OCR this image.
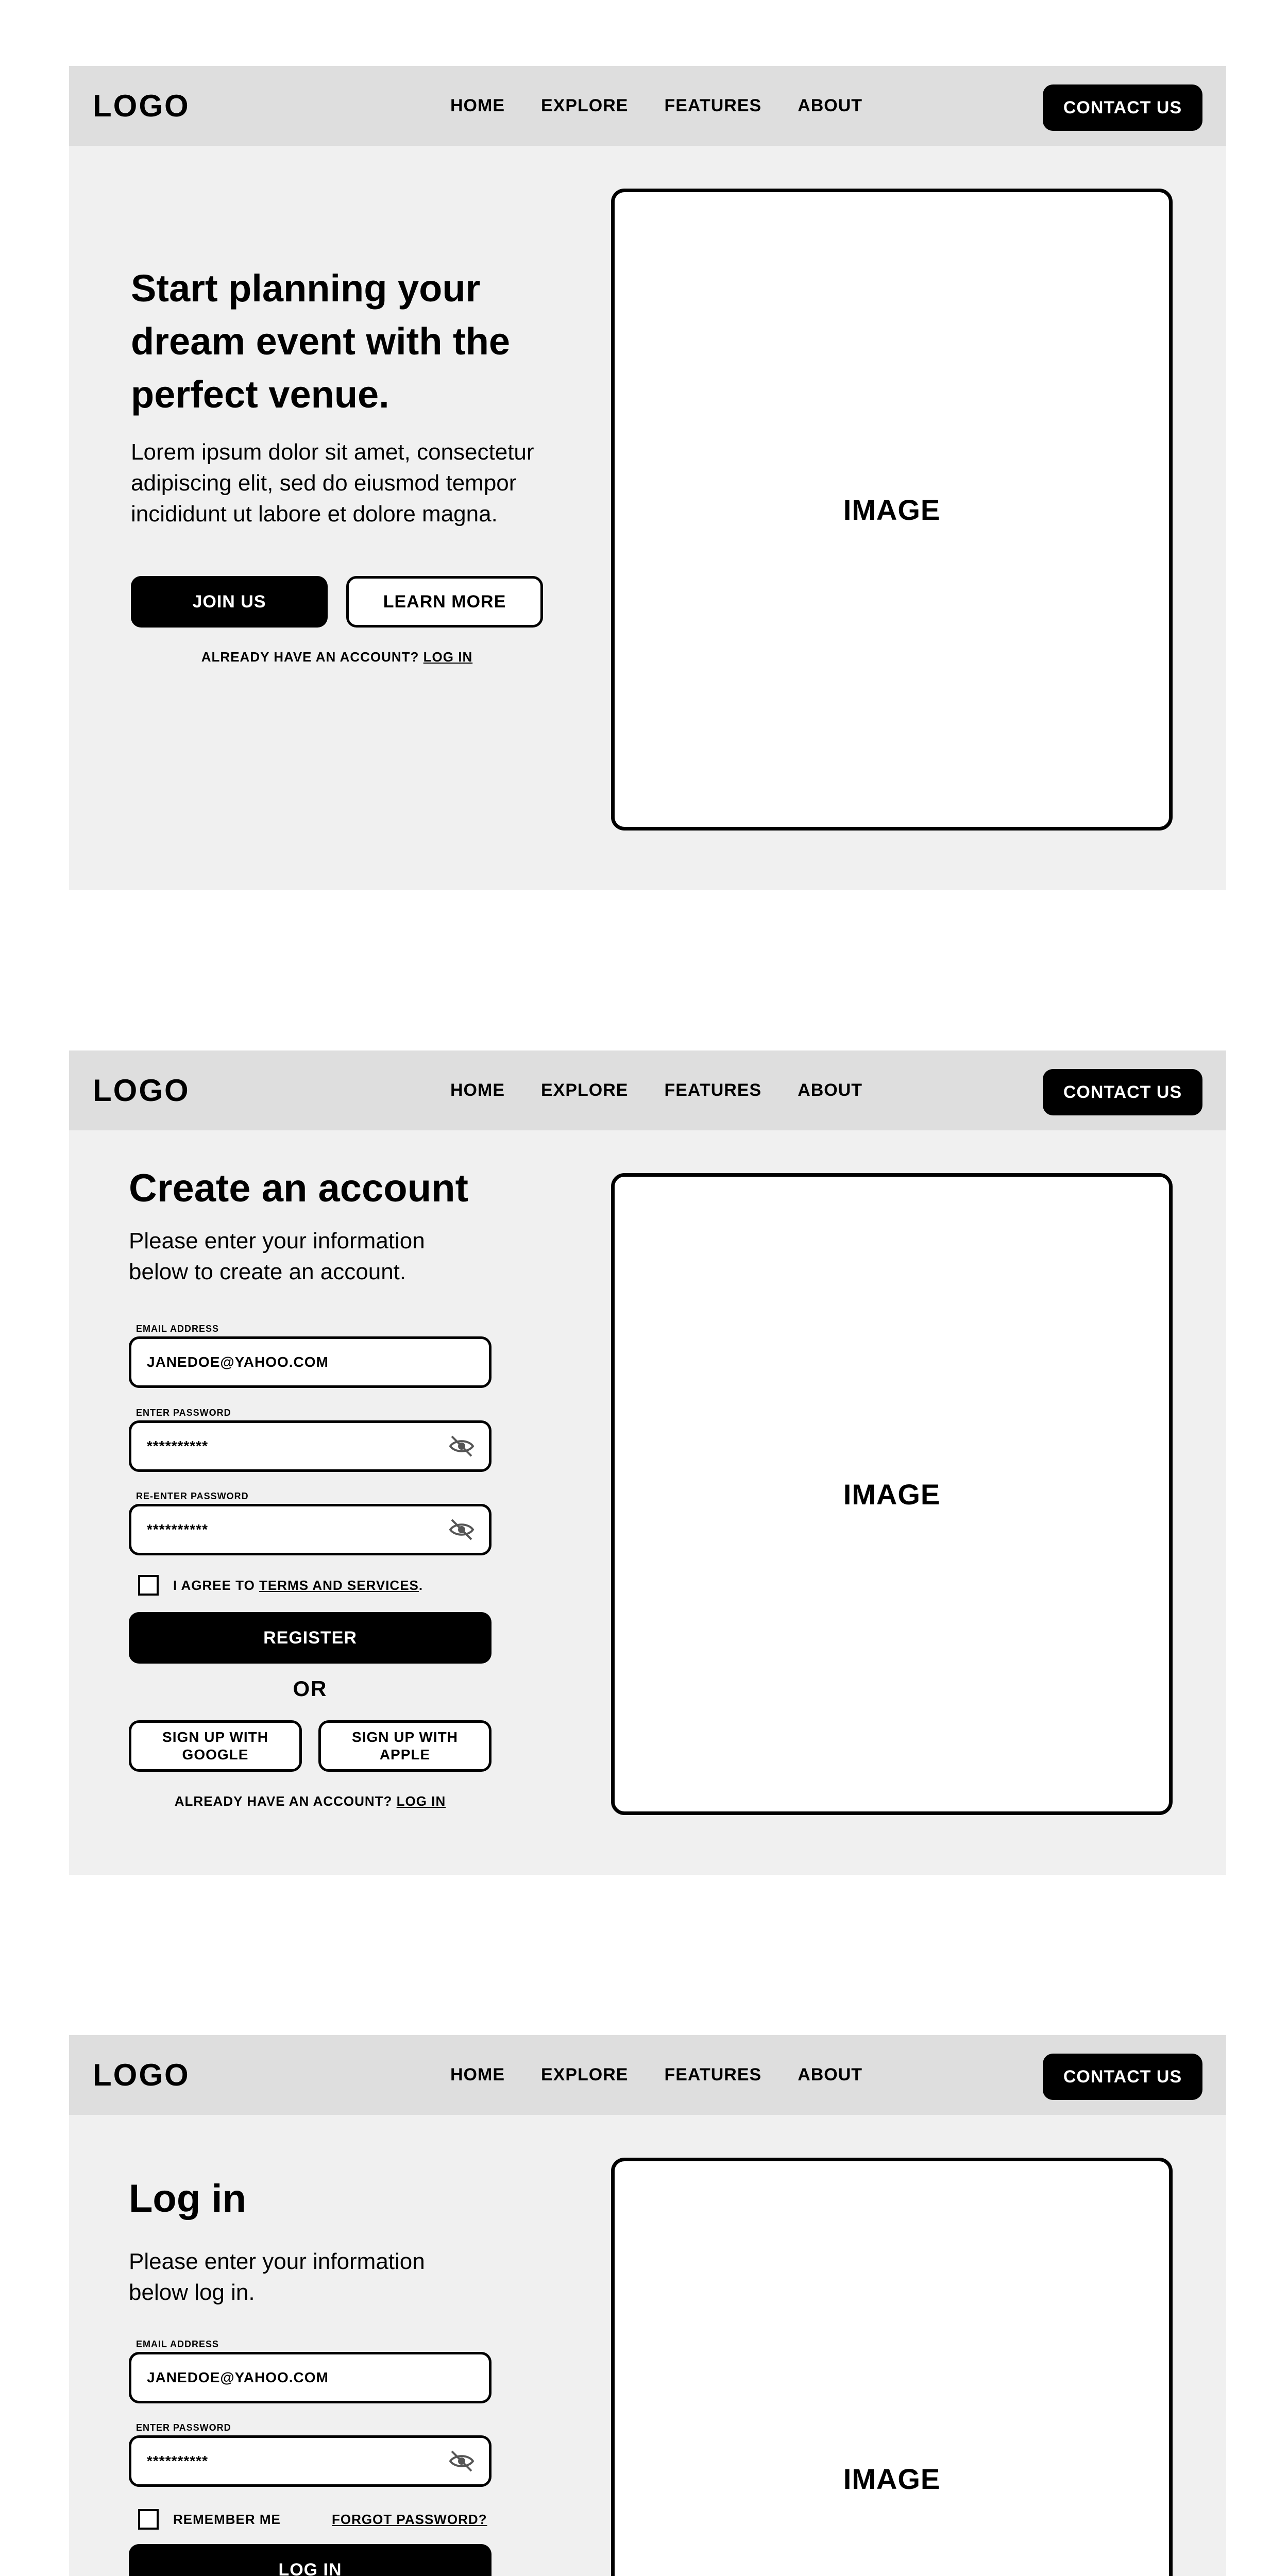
LOGO	HOME EXPLORE FEATURES ABOUT	CONTACT US
Start planning your dream event with the perfect venue.
Lorem ipsum dolor sit amet, consectetur adipiscing elit, sed do eiusmod tempor incididunt ut labore et dolore magna.
JOIN US	LEARN MORE
ALREADY HAVE AN ACCOUNT? LOG IN
IMAGE
LOGO	HOME EXPLORE FEATURES ABOUT	CONTACT US
Create an account
Please enter your information below to create an account.
EMAIL ADDRESS
JANEDOE@YAHOO.COM
ENTER PASSWORD
**********
RE-ENTER PASSWORD
**********
I AGREE TO TERMS AND SERVICES.
REGISTER
OR
SIGN UP WITH GOOGLE
SIGN UP WITH APPLE
ALREADY HAVE AN ACCOUNT? LOG IN
IMAGE
LOGO	HOME EXPLORE FEATURES ABOUT	CONTACT US
Log in
Please enter your information below log in.
EMAIL ADDRESS
JANEDOE@YAHOO.COM
ENTER PASSWORD
**********
REMEMBER ME	FORGOT PASSWORD?
LOG IN
IMAGE
